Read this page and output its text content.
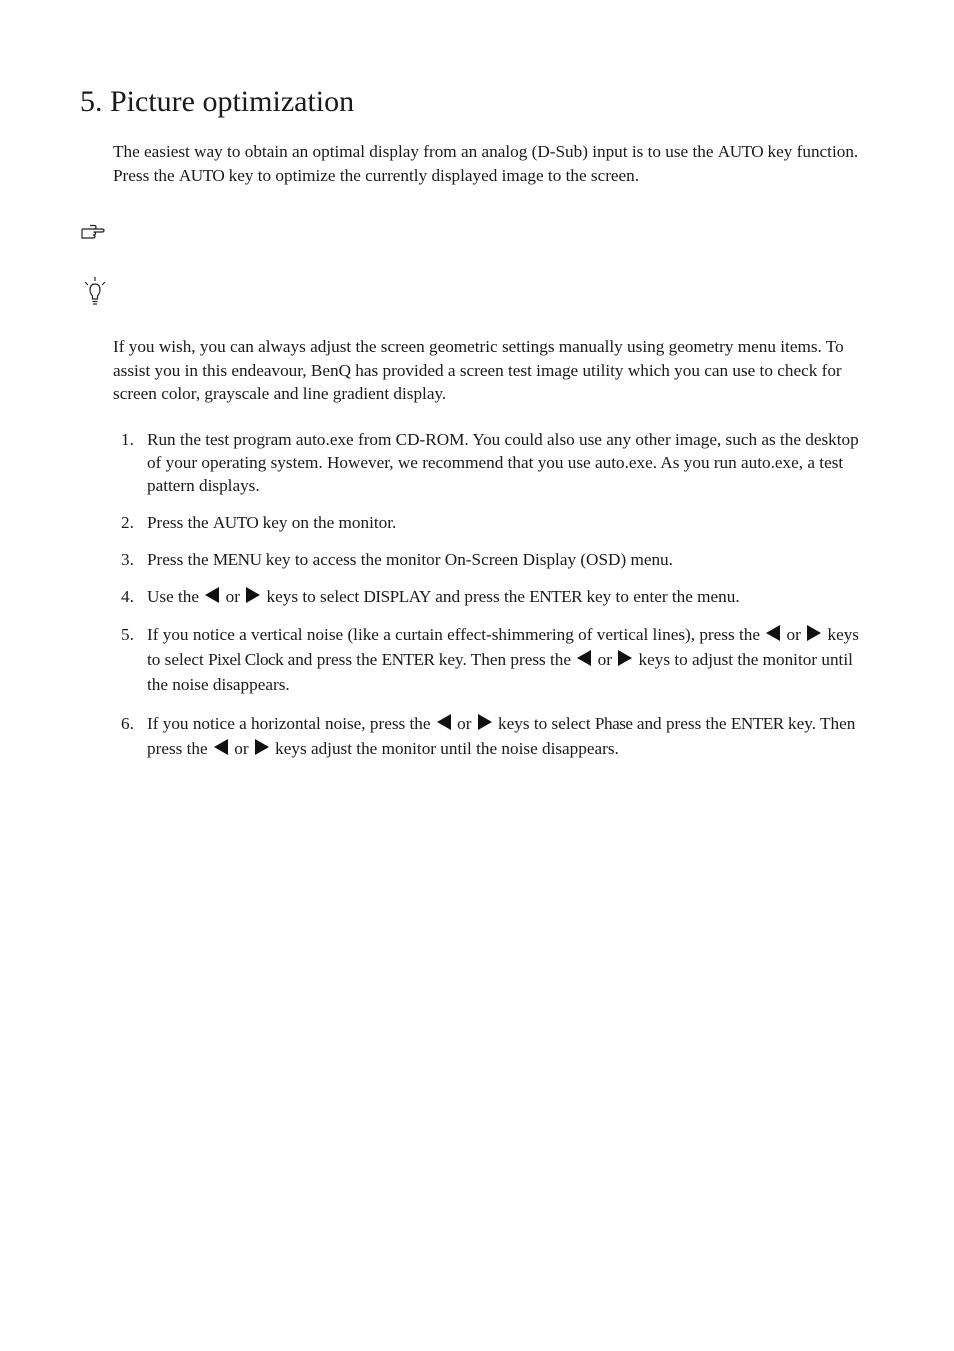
5. Picture optimization

The easiest way to obtain an optimal display from an analog (D-Sub) input is to use the AUTO key function. Press the AUTO key to optimize the currently displayed image to the screen.

If you wish, you can always adjust the screen geometric settings manually using geometry menu items. To assist you in this endeavour, BenQ has provided a screen test image utility which you can use to check for screen color, grayscale and line gradient display.

1. Run the test program auto.exe from CD-ROM. You could also use any other image, such as the desktop of your operating system. However, we recommend that you use auto.exe. As you run auto.exe, a test pattern displays.
2. Press the AUTO key on the monitor.
3. Press the MENU key to access the monitor On-Screen Display (OSD) menu.
4. Use the  or  keys to select DISPLAY and press the ENTER key to enter the menu.
5. If you notice a vertical noise (like a curtain effect-shimmering of vertical lines), press the  or  keys to select Pixel Clock and press the ENTER key. Then press the  or  keys to adjust the monitor until the noise disappears.
6. If you notice a horizontal noise, press the  or  keys to select Phase and press the ENTER key. Then press the  or  keys adjust the monitor until the noise disappears.
